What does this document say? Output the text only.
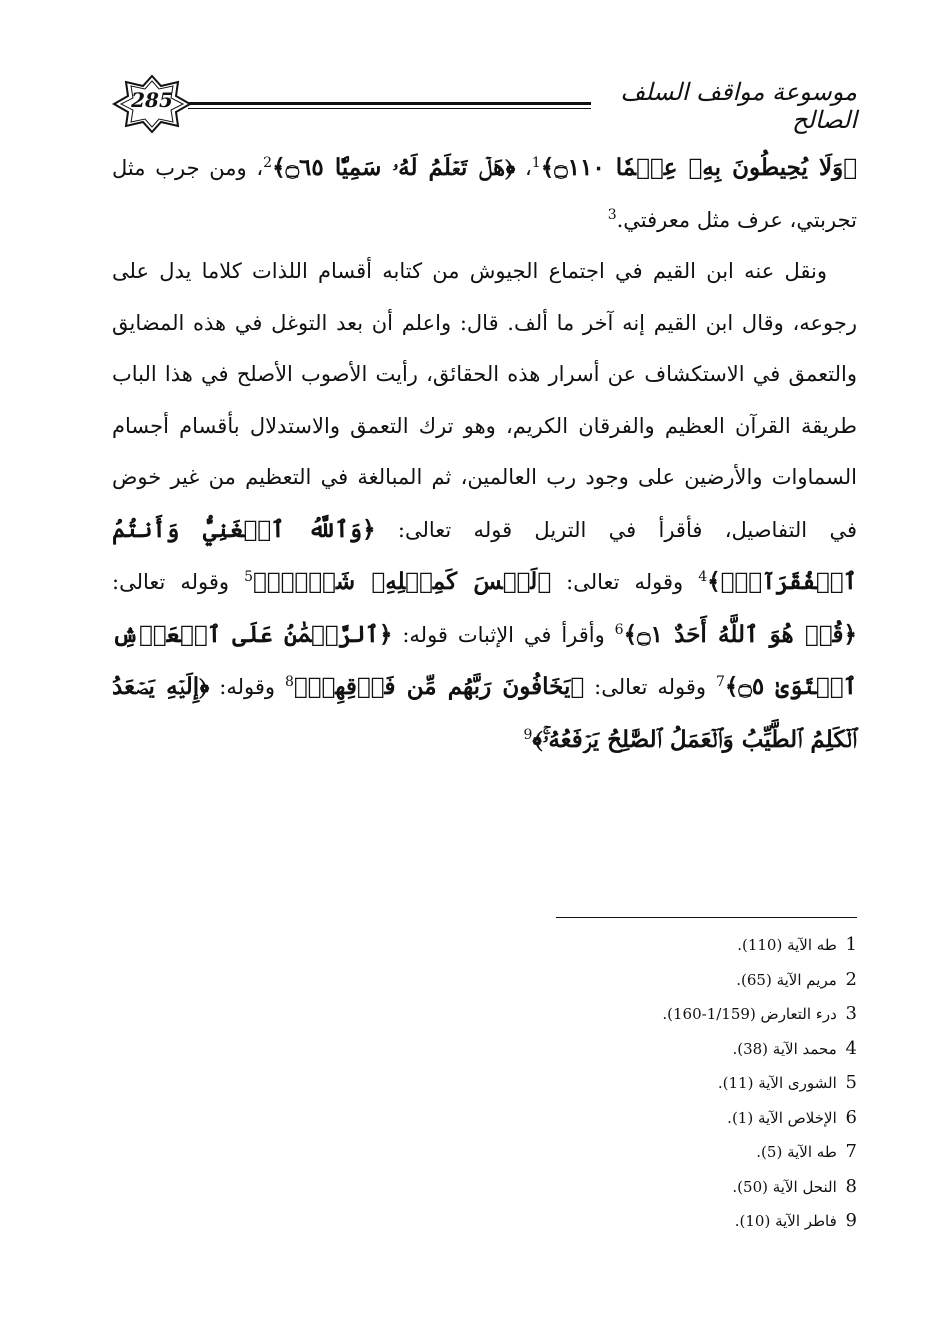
285	موسوعة مواقف السلف الصالح

﴿وَلَا يُحِيطُونَ بِهِۦ عِلۡمٗا ۝١١٠﴾$^1$، ﴿هَلۡ تَعۡلَمُ لَهُۥ سَمِيّٗا ۝٦٥﴾$^2$، ومن جرب مثل تجربتي، عرف مثل معرفتي.$^3$

ونقل عنه ابن القيم في اجتماع الجيوش من كتابه أقسام اللذات كلاما يدل على رجوعه، وقال ابن القيم إنه آخر ما ألف. قال: واعلم أن بعد التوغل في هذه المضايق والتعمق في الاستكشاف عن أسرار هذه الحقائق، رأيت الأصوب الأصلح في هذا الباب طريقة القرآن العظيم والفرقان الكريم، وهو ترك التعمق والاستدلال بأقسام أجسام السماوات والأرضين على وجود رب العالمين، ثم المبالغة في التعظيم من غير خوض في التفاصيل، فأقرأ في التريل قوله تعالى: ﴿وَٱللَّهُ ٱلۡغَنِيُّ وَأَنتُمُ ٱلۡفُقَرَآءُۚ﴾$^4$ وقوله تعالى: ﴿لَيۡسَ كَمِثۡلِهِۦ شَيۡءٞۖ﴾$^5$ وقوله تعالى: ﴿قُلۡ هُوَ ٱللَّهُ أَحَدٌ ۝١﴾$^6$ وأقرأ في الإثبات قوله: ﴿ٱلرَّحۡمَٰنُ عَلَى ٱلۡعَرۡشِ ٱسۡتَوَىٰ ۝٥﴾$^7$ وقوله تعالى: ﴿يَخَافُونَ رَبَّهُم مِّن فَوۡقِهِمۡ﴾$^8$ وقوله: ﴿إِلَيۡهِ يَصۡعَدُ ٱلۡكَلِمُ ٱلطَّيِّبُ وَٱلۡعَمَلُ ٱلصَّٰلِحُ يَرۡفَعُهُۥۚ﴾$^9$

1 طه الآية (110).
2 مريم الآية (65).
3 درء التعارض (1/159-160).
4 محمد الآية (38).
5 الشورى الآية (11).
6 الإخلاص الآية (1).
7 طه الآية (5).
8 النحل الآية (50).
9 فاطر الآية (10).
